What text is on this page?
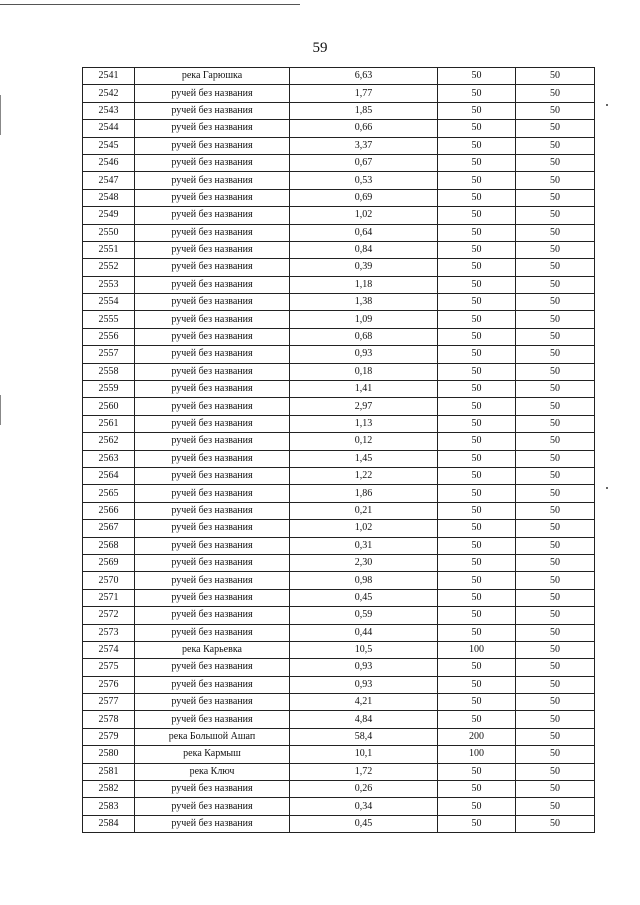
59
2541	река Гарюшка	6,63	50	50
2542	ручей без названия	1,77	50	50
2543	ручей без названия	1,85	50	50
2544	ручей без названия	0,66	50	50
2545	ручей без названия	3,37	50	50
2546	ручей без названия	0,67	50	50
2547	ручей без названия	0,53	50	50
2548	ручей без названия	0,69	50	50
2549	ручей без названия	1,02	50	50
2550	ручей без названия	0,64	50	50
2551	ручей без названия	0,84	50	50
2552	ручей без названия	0,39	50	50
2553	ручей без названия	1,18	50	50
2554	ручей без названия	1,38	50	50
2555	ручей без названия	1,09	50	50
2556	ручей без названия	0,68	50	50
2557	ручей без названия	0,93	50	50
2558	ручей без названия	0,18	50	50
2559	ручей без названия	1,41	50	50
2560	ручей без названия	2,97	50	50
2561	ручей без названия	1,13	50	50
2562	ручей без названия	0,12	50	50
2563	ручей без названия	1,45	50	50
2564	ручей без названия	1,22	50	50
2565	ручей без названия	1,86	50	50
2566	ручей без названия	0,21	50	50
2567	ручей без названия	1,02	50	50
2568	ручей без названия	0,31	50	50
2569	ручей без названия	2,30	50	50
2570	ручей без названия	0,98	50	50
2571	ручей без названия	0,45	50	50
2572	ручей без названия	0,59	50	50
2573	ручей без названия	0,44	50	50
2574	река Карьевка	10,5	100	50
2575	ручей без названия	0,93	50	50
2576	ручей без названия	0,93	50	50
2577	ручей без названия	4,21	50	50
2578	ручей без названия	4,84	50	50
2579	река Большой Ашап	58,4	200	50
2580	река Кармыш	10,1	100	50
2581	река Ключ	1,72	50	50
2582	ручей без названия	0,26	50	50
2583	ручей без названия	0,34	50	50
2584	ручей без названия	0,45	50	50
